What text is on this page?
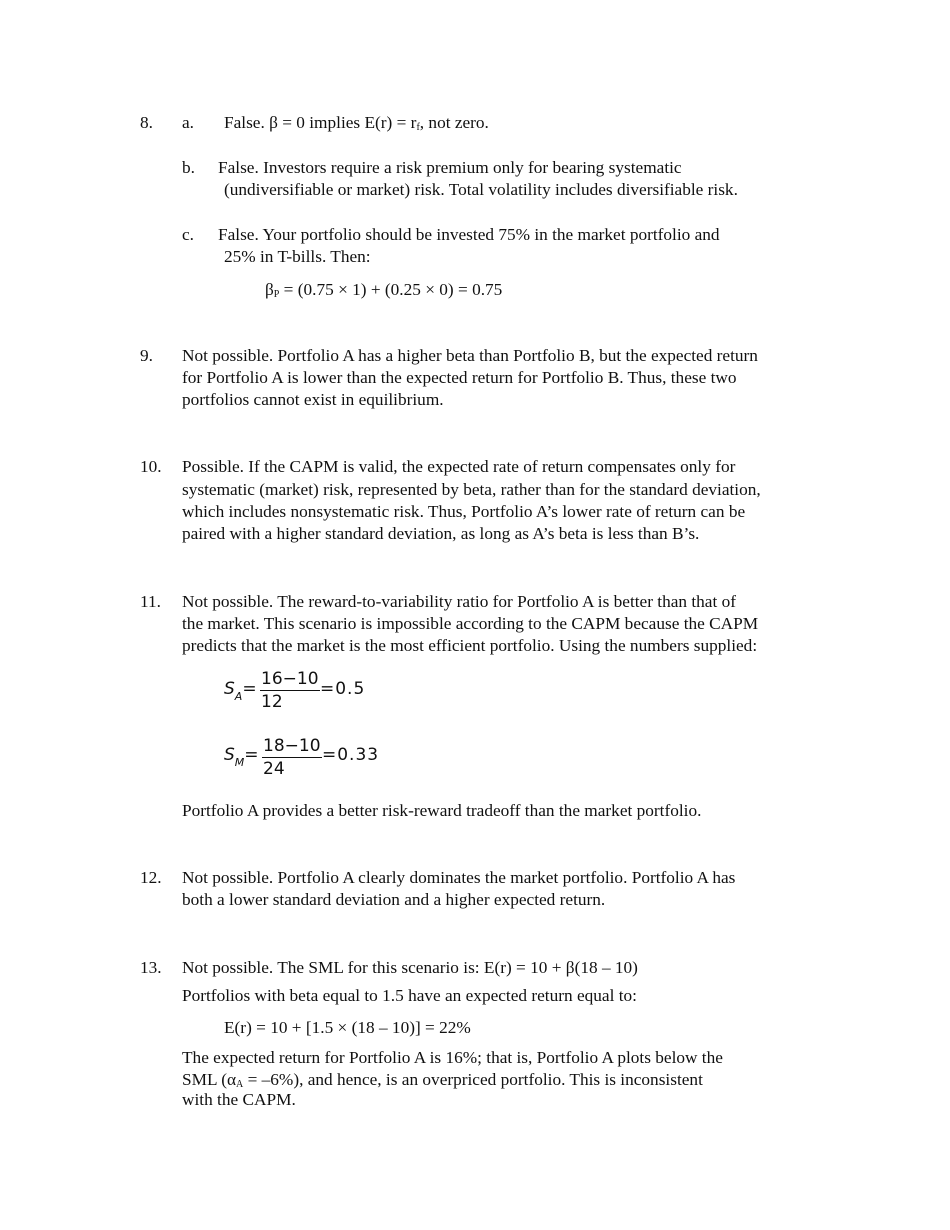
8. a. False. β = 0 implies $E(r) = r_f$, not zero.
b. False. Investors require a risk premium only for bearing systematic
(undiversifiable or market) risk. Total volatility includes diversifiable risk.
c. False. Your portfolio should be invested 75% in the market portfolio and
25% in T-bills. Then:
$\beta_P = (0.75 \times 1) + (0.25 \times 0) = 0.75$
9. Not possible. Portfolio A has a higher beta than Portfolio B, but the expected return
for Portfolio A is lower than the expected return for Portfolio B. Thus, these two
portfolios cannot exist in equilibrium.
10. Possible. If the CAPM is valid, the expected rate of return compensates only for
systematic (market) risk, represented by beta, rather than for the standard deviation,
which includes nonsystematic risk. Thus, Portfolio A’s lower rate of return can be
paired with a higher standard deviation, as long as A’s beta is less than B’s.
11. Not possible. The reward-to-variability ratio for Portfolio A is better than that of
the market. This scenario is impossible according to the CAPM because the CAPM
predicts that the market is the most efficient portfolio. Using the numbers supplied:
$S_A= \frac{16-10}{12} =0.5$
$S_M= \frac{18-10}{24} =0.33$
Portfolio A provides a better risk-reward tradeoff than the market portfolio.
12. Not possible. Portfolio A clearly dominates the market portfolio. Portfolio A has
both a lower standard deviation and a higher expected return.
13. Not possible. The SML for this scenario is: E(r) = 10 + β(18 – 10)
Portfolios with beta equal to 1.5 have an expected return equal to:
E(r) = 10 + [1.5 × (18 – 10)] = 22%
The expected return for Portfolio A is 16%; that is, Portfolio A plots below the
SML $(\alpha_A = -6\%)$, and hence, is an overpriced portfolio. This is inconsistent
with the CAPM.
